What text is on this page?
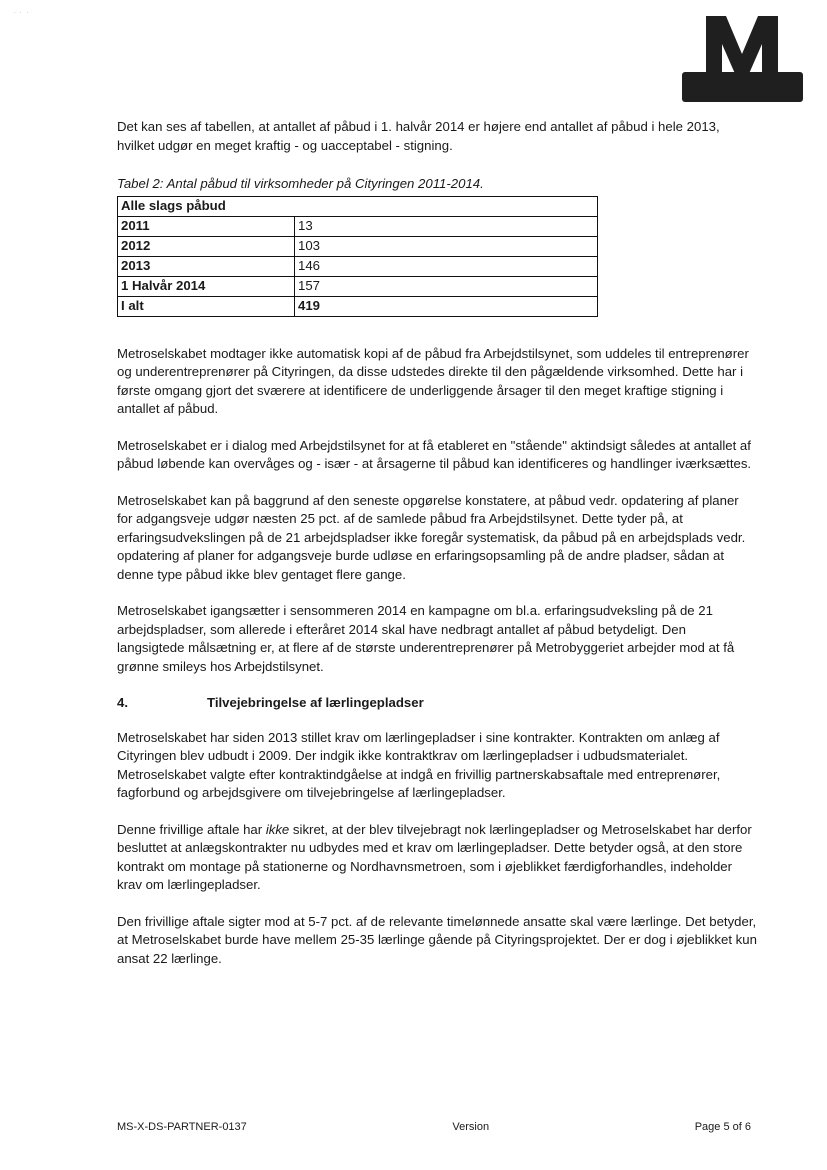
·  ·   ·

Det kan ses af tabellen, at antallet af påbud i 1. halvår 2014 er højere end antallet af påbud i hele 2013, hvilket udgør en meget kraftig - og uacceptabel - stigning.

Tabel 2: Antal påbud til virksomheder på Cityringen 2011-2014.
Alle slags påbud	
2011	13
2012	103
2013	146
1 Halvår 2014	157
I alt	419

Metroselskabet modtager ikke automatisk kopi af de påbud fra Arbejdstilsynet, som uddeles til entreprenører og underentreprenører på Cityringen, da disse udstedes direkte til den pågældende virksomhed. Dette har i første omgang gjort det sværere at identificere de underliggende årsager til den meget kraftige stigning i antallet af påbud.

Metroselskabet er i dialog med Arbejdstilsynet for at få etableret en "stående" aktindsigt således at antallet af påbud løbende kan overvåges og - især - at årsagerne til påbud kan identificeres og handlinger iværksættes.

Metroselskabet kan på baggrund af den seneste opgørelse konstatere, at påbud vedr. opdatering af planer for adgangsveje udgør næsten 25 pct. af de samlede påbud fra Arbejdstilsynet. Dette tyder på, at erfaringsudvekslingen på de 21 arbejdspladser ikke foregår systematisk, da påbud på en arbejdsplads vedr. opdatering af planer for adgangsveje burde udløse en erfaringsopsamling på de andre pladser, sådan at denne type påbud ikke blev gentaget flere gange.

Metroselskabet igangsætter i sensommeren 2014 en kampagne om bl.a. erfaringsudveksling på de 21 arbejdspladser, som allerede i efteråret 2014 skal have nedbragt antallet af påbud betydeligt. Den langsigtede målsætning er, at flere af de største underentreprenører på Metrobyggeriet arbejder mod at få grønne smileys hos Arbejdstilsynet.

4.	Tilvejebringelse af lærlingepladser

Metroselskabet har siden 2013 stillet krav om lærlingepladser i sine kontrakter. Kontrakten om anlæg af Cityringen blev udbudt i 2009. Der indgik ikke kontraktkrav om lærlingepladser i udbudsmaterialet. Metroselskabet valgte efter kontraktindgåelse at indgå en frivillig partnerskabsaftale med entreprenører, fagforbund og arbejdsgivere om tilvejebringelse af lærlingepladser.

Denne frivillige aftale har ikke sikret, at der blev tilvejebragt nok lærlingepladser og Metroselskabet har derfor besluttet at anlægskontrakter nu udbydes med et krav om lærlingepladser. Dette betyder også, at den store kontrakt om montage på stationerne og Nordhavnsmetroen, som i øjeblikket færdigforhandles, indeholder krav om lærlingepladser.

Den frivillige aftale sigter mod at 5-7 pct. af de relevante timelønnede ansatte skal være lærlinge. Det betyder, at Metroselskabet burde have mellem 25-35 lærlinge gående på Cityringsprojektet. Der er dog i øjeblikket kun ansat 22 lærlinge.

MS-X-DS-PARTNER-0137	Version	Page 5 of 6
